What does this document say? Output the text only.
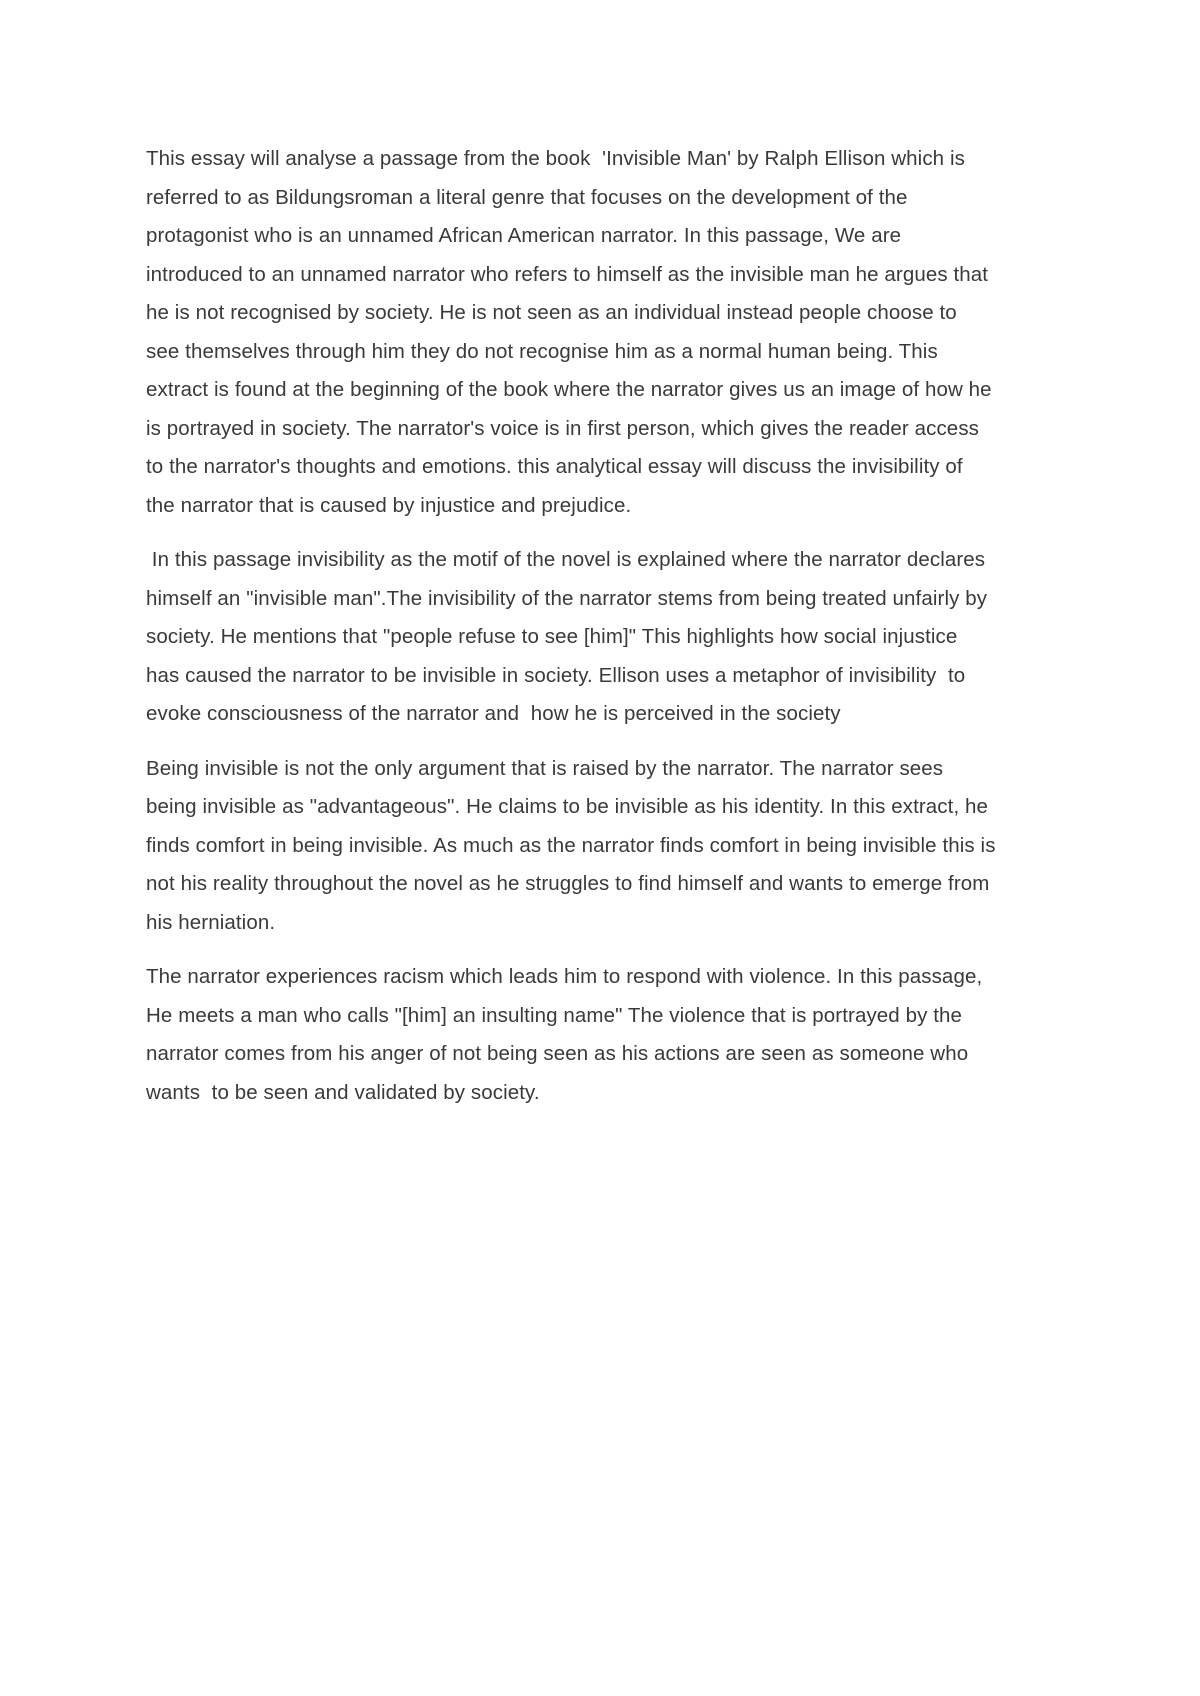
This essay will analyse a passage from the book  'Invisible Man' by Ralph Ellison which is
referred to as Bildungsroman a literal genre that focuses on the development of the
protagonist who is an unnamed African American narrator. In this passage, We are
introduced to an unnamed narrator who refers to himself as the invisible man he argues that
he is not recognised by society. He is not seen as an individual instead people choose to
see themselves through him they do not recognise him as a normal human being. This
extract is found at the beginning of the book where the narrator gives us an image of how he
is portrayed in society. The narrator's voice is in first person, which gives the reader access
to the narrator's thoughts and emotions. this analytical essay will discuss the invisibility of
the narrator that is caused by injustice and prejudice.

In this passage invisibility as the motif of the novel is explained where the narrator declares
himself an "invisible man".The invisibility of the narrator stems from being treated unfairly by
society. He mentions that "people refuse to see [him]" This highlights how social injustice
has caused the narrator to be invisible in society. Ellison uses a metaphor of invisibility  to
evoke consciousness of the narrator and  how he is perceived in the society

Being invisible is not the only argument that is raised by the narrator. The narrator sees
being invisible as "advantageous". He claims to be invisible as his identity. In this extract, he
finds comfort in being invisible. As much as the narrator finds comfort in being invisible this is
not his reality throughout the novel as he struggles to find himself and wants to emerge from
his herniation.

The narrator experiences racism which leads him to respond with violence. In this passage,
He meets a man who calls "[him] an insulting name" The violence that is portrayed by the
narrator comes from his anger of not being seen as his actions are seen as someone who
wants  to be seen and validated by society.
